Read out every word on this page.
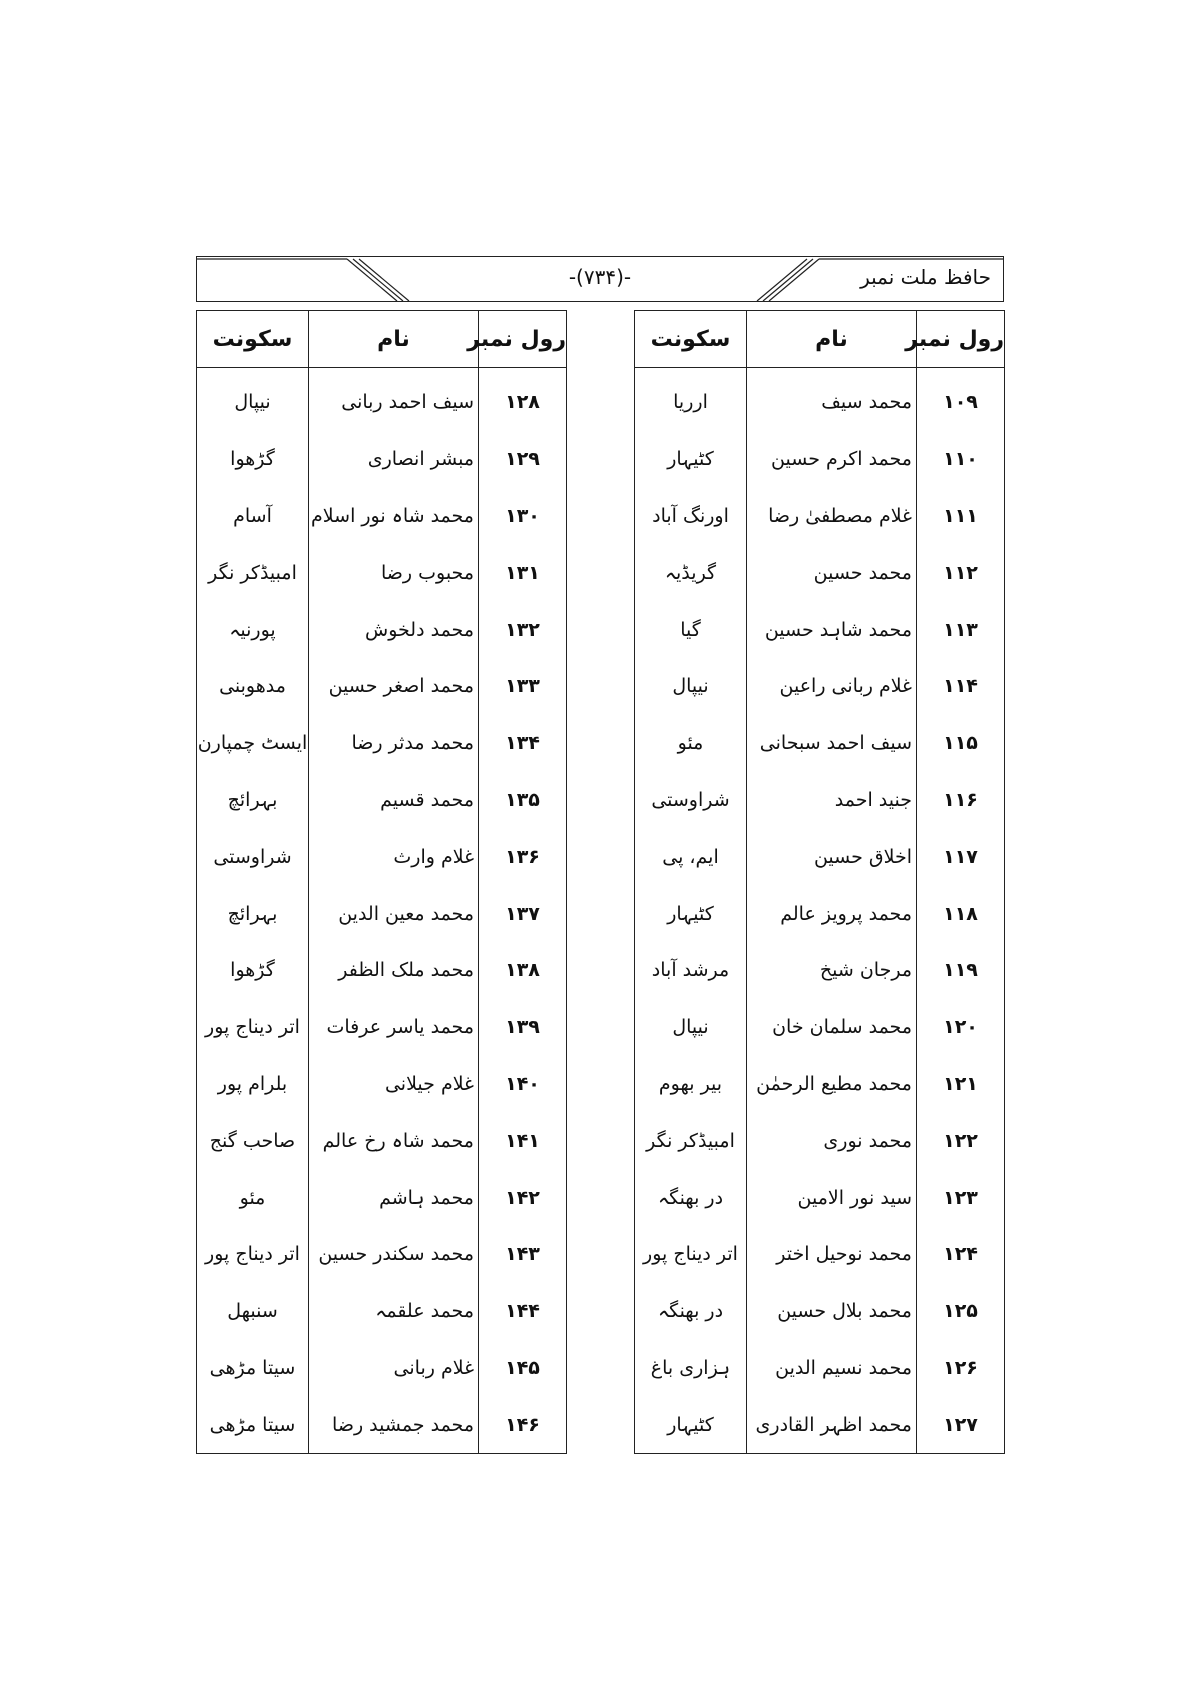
حافظ ملت نمبر
-(۷۳۴)-
رول نمبر	نام	سکونت
۱۰۹	محمد سیف	ارریا
۱۱۰	محمد اکرم حسین	کٹیہار
۱۱۱	غلام مصطفیٰ رضا	اورنگ آباد
۱۱۲	محمد حسین	گریڈیہ
۱۱۳	محمد شاہد حسین	گیا
۱۱۴	غلام ربانی راعین	نیپال
۱۱۵	سیف احمد سبحانی	مئو
۱۱۶	جنید احمد	شراوستی
۱۱۷	اخلاق حسین	ایم، پی
۱۱۸	محمد پرویز عالم	کٹیہار
۱۱۹	مرجان شیخ	مرشد آباد
۱۲۰	محمد سلمان خان	نیپال
۱۲۱	محمد مطیع الرحمٰن	بیر بھوم
۱۲۲	محمد نوری	امبیڈکر نگر
۱۲۳	سید نور الامین	در بھنگہ
۱۲۴	محمد نوحیل اختر	اتر دیناج پور
۱۲۵	محمد بلال حسین	در بھنگہ
۱۲۶	محمد نسیم الدین	ہزاری باغ
۱۲۷	محمد اظہر القادری	کٹیہار
رول نمبر	نام	سکونت
۱۲۸	سیف احمد ربانی	نیپال
۱۲۹	مبشر انصاری	گڑھوا
۱۳۰	محمد شاہ نور اسلام	آسام
۱۳۱	محبوب رضا	امبیڈکر نگر
۱۳۲	محمد دلخوش	پورنیہ
۱۳۳	محمد اصغر حسین	مدھوبنی
۱۳۴	محمد مدثر رضا	ایسٹ چمپارن
۱۳۵	محمد قسیم	بہرائچ
۱۳۶	غلام وارث	شراوستی
۱۳۷	محمد معین الدین	بہرائچ
۱۳۸	محمد ملک الظفر	گڑھوا
۱۳۹	محمد یاسر عرفات	اتر دیناج پور
۱۴۰	غلام جیلانی	بلرام پور
۱۴۱	محمد شاہ رخ عالم	صاحب گنج
۱۴۲	محمد ہاشم	مئو
۱۴۳	محمد سکندر حسین	اتر دیناج پور
۱۴۴	محمد علقمہ	سنبھل
۱۴۵	غلام ربانی	سیتا مڑھی
۱۴۶	محمد جمشید رضا	سیتا مڑھی
